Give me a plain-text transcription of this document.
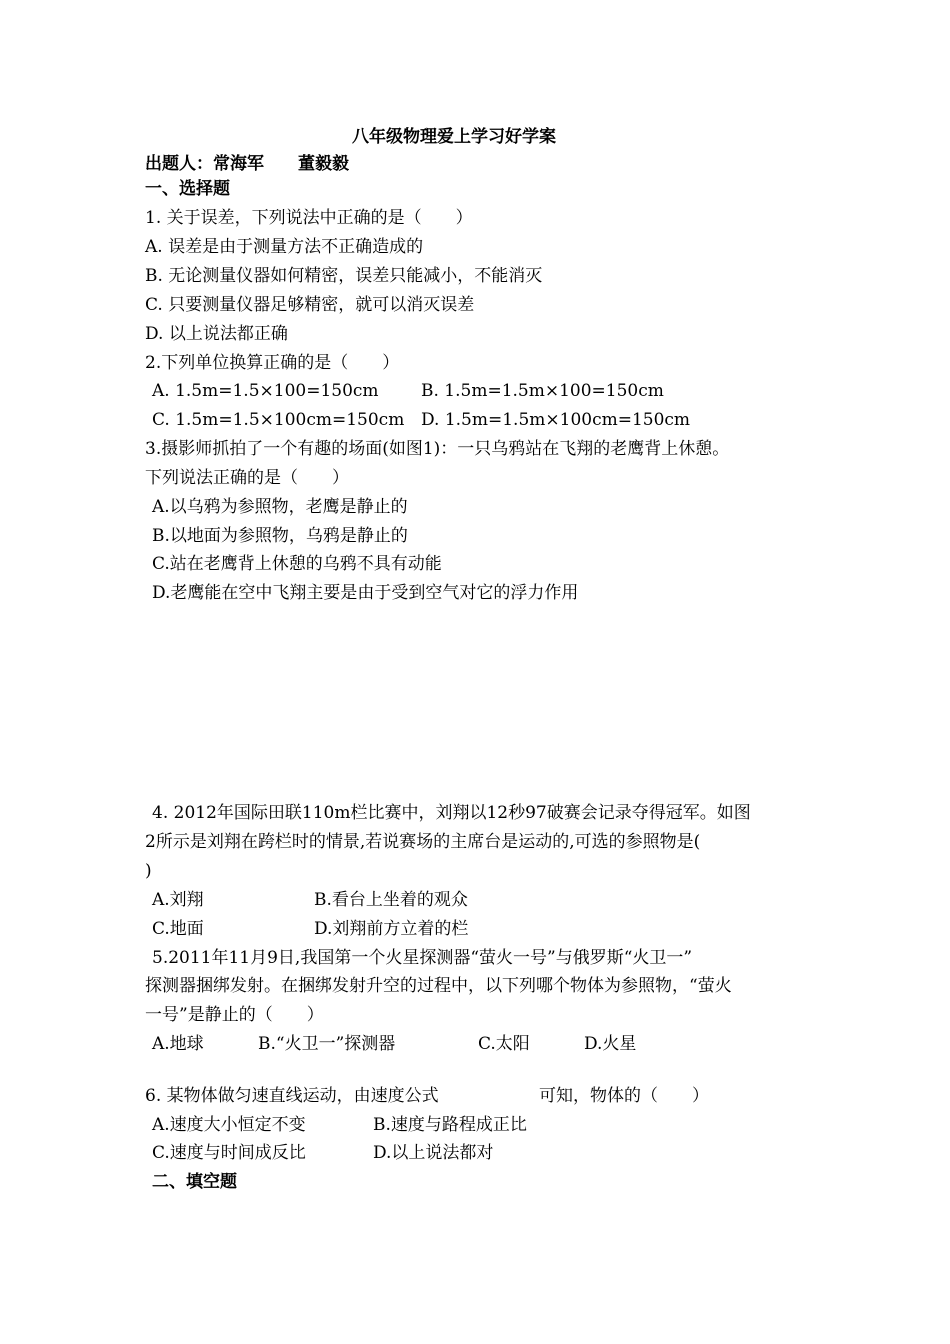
八年级物理爱上学习好学案
出题人：常海军　　董毅毅
一、选择题
1. 关于误差，下列说法中正确的是（　　）
A. 误差是由于测量方法不正确造成的
B. 无论测量仪器如何精密，误差只能减小，不能消灭
C. 只要测量仪器足够精密，就可以消灭误差
D. 以上说法都正确
2.下列单位换算正确的是（　　）
A. 1.5m=1.5×100=150cm B. 1.5m=1.5m×100=150cm
C. 1.5m=1.5×100cm=150cm D. 1.5m=1.5m×100cm=150cm
3.摄影师抓拍了一个有趣的场面(如图1)：一只乌鸦站在飞翔的老鹰背上休憩。
下列说法正确的是（　　）
A.以乌鸦为参照物，老鹰是静止的
B.以地面为参照物，乌鸦是静止的
C.站在老鹰背上休憩的乌鸦不具有动能
D.老鹰能在空中飞翔主要是由于受到空气对它的浮力作用
4. 2012年国际田联110m栏比赛中，刘翔以12秒97破赛会记录夺得冠军。如图
2所示是刘翔在跨栏时的情景,若说赛场的主席台是运动的,可选的参照物是(
)
A.刘翔	B.看台上坐着的观众
C.地面	D.刘翔前方立着的栏
5.2011年11月9日,我国第一个火星探测器“萤火一号”与俄罗斯“火卫一”
探测器捆绑发射。在捆绑发射升空的过程中，以下列哪个物体为参照物，“萤火
一号”是静止的（　　）
A.地球	B.“火卫一”探测器	C.太阳	D.火星
6. 某物体做匀速直线运动，由速度公式	可知，物体的（　　）
A.速度大小恒定不变	B.速度与路程成正比
C.速度与时间成反比	D.以上说法都对
二、填空题
